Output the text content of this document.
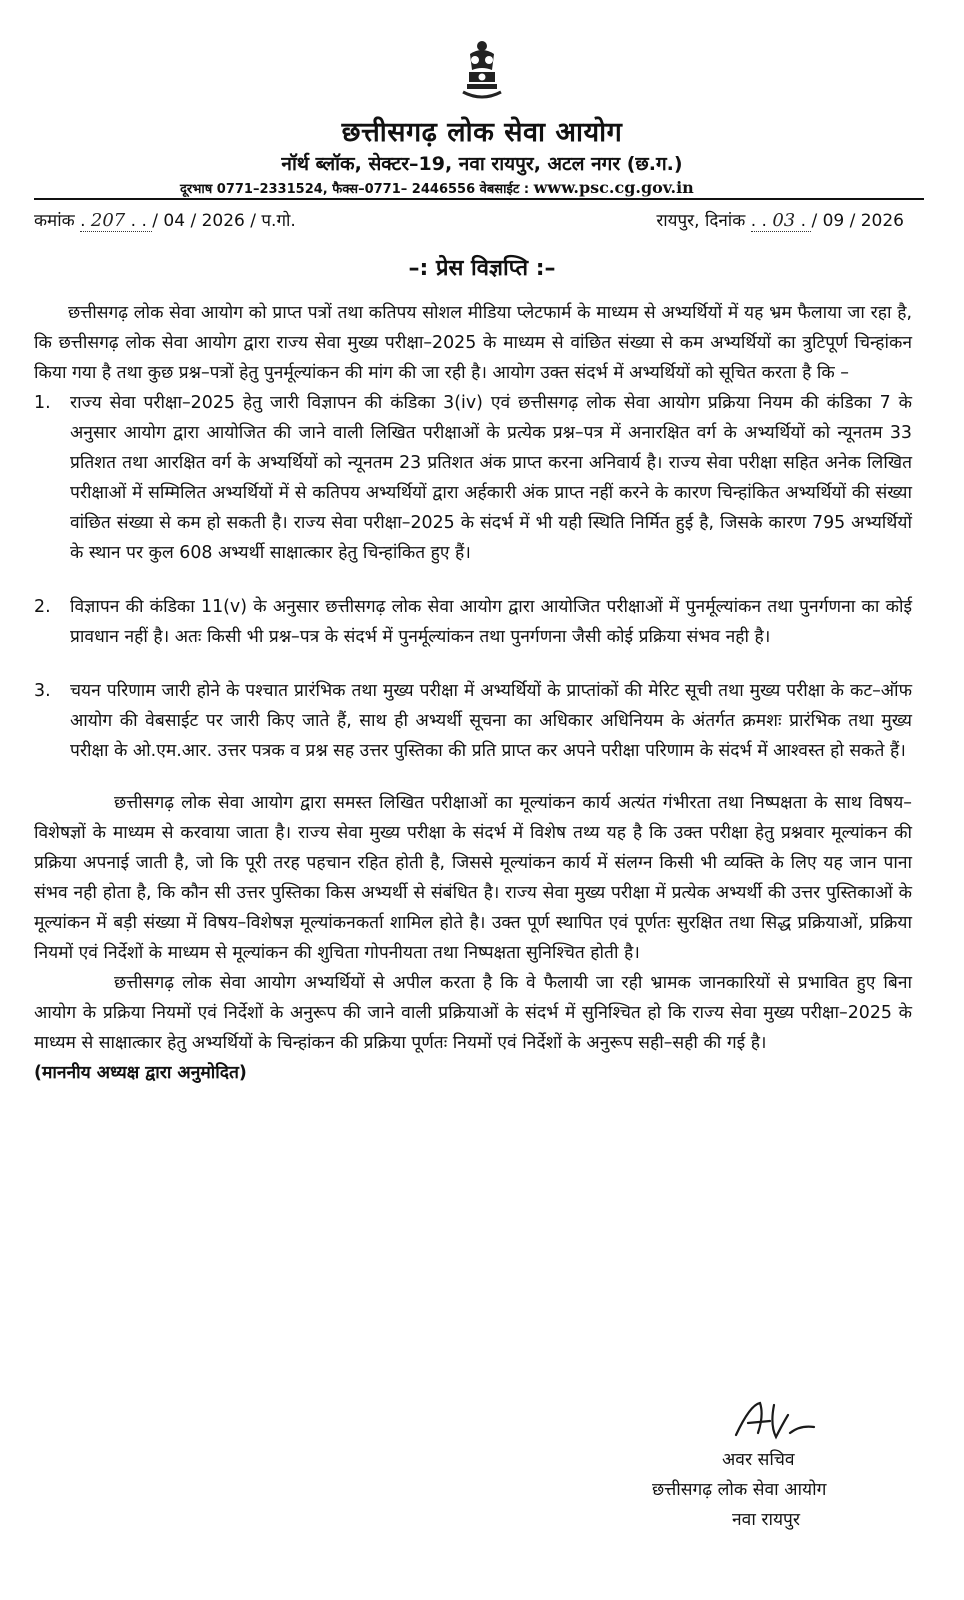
छत्तीसगढ़ लोक सेवा आयोग
नॉर्थ ब्लॉक, सेक्टर–19, नवा रायपुर, अटल नगर (छ.ग.)
दूरभाष 0771–2331524, फैक्स–0771– 2446556 वेबसाईट : www.psc.cg.gov.in
कमांक . 207 . . / 04 / 2026 / प.गो.	रायपुर, दिनांक . . 03 . / 09 / 2026
–: प्रेस विज्ञप्ति :–

छत्तीसगढ़ लोक सेवा आयोग को प्राप्त पत्रों तथा कतिपय सोशल मीडिया प्लेटफार्म के माध्यम से अभ्यर्थियों में यह भ्रम फैलाया जा रहा है, कि छत्तीसगढ़ लोक सेवा आयोग द्वारा राज्य सेवा मुख्य परीक्षा–2025 के माध्यम से वांछित संख्या से कम अभ्यर्थियों का त्रुटिपूर्ण चिन्हांकन किया गया है तथा कुछ प्रश्न–पत्रों हेतु पुनर्मूल्यांकन की मांग की जा रही है। आयोग उक्त संदर्भ में अभ्यर्थियों को सूचित करता है कि –

1. राज्य सेवा परीक्षा–2025 हेतु जारी विज्ञापन की कंडिका 3(iv) एवं छत्तीसगढ़ लोक सेवा आयोग प्रक्रिया नियम की कंडिका 7 के अनुसार आयोग द्वारा आयोजित की जाने वाली लिखित परीक्षाओं के प्रत्येक प्रश्न–पत्र में अनारक्षित वर्ग के अभ्यर्थियों को न्यूनतम 33 प्रतिशत तथा आरक्षित वर्ग के अभ्यर्थियों को न्यूनतम 23 प्रतिशत अंक प्राप्त करना अनिवार्य है। राज्य सेवा परीक्षा सहित अनेक लिखित परीक्षाओं में सम्मिलित अभ्यर्थियों में से कतिपय अभ्यर्थियों द्वारा अर्हकारी अंक प्राप्त नहीं करने के कारण चिन्हांकित अभ्यर्थियों की संख्या वांछित संख्या से कम हो सकती है। राज्य सेवा परीक्षा–2025 के संदर्भ में भी यही स्थिति निर्मित हुई है, जिसके कारण 795 अभ्यर्थियों के स्थान पर कुल 608 अभ्यर्थी साक्षात्कार हेतु चिन्हांकित हुए हैं।
2. विज्ञापन की कंडिका 11(v) के अनुसार छत्तीसगढ़ लोक सेवा आयोग द्वारा आयोजित परीक्षाओं में पुनर्मूल्यांकन तथा पुनर्गणना का कोई प्रावधान नहीं है। अतः किसी भी प्रश्न–पत्र के संदर्भ में पुनर्मूल्यांकन तथा पुनर्गणना जैसी कोई प्रक्रिया संभव नही है।
3. चयन परिणाम जारी होने के पश्चात प्रारंभिक तथा मुख्य परीक्षा में अभ्यर्थियों के प्राप्तांकों की मेरिट सूची तथा मुख्य परीक्षा के कट–ऑफ आयोग की वेबसाईट पर जारी किए जाते हैं, साथ ही अभ्यर्थी सूचना का अधिकार अधिनियम के अंतर्गत क्रमशः प्रारंभिक तथा मुख्य परीक्षा के ओ.एम.आर. उत्तर पत्रक व प्रश्न सह उत्तर पुस्तिका की प्रति प्राप्त कर अपने परीक्षा परिणाम के संदर्भ में आश्वस्त हो सकते हैं।

छत्तीसगढ़ लोक सेवा आयोग द्वारा समस्त लिखित परीक्षाओं का मूल्यांकन कार्य अत्यंत गंभीरता तथा निष्पक्षता के साथ विषय–विशेषज्ञों के माध्यम से करवाया जाता है। राज्य सेवा मुख्य परीक्षा के संदर्भ में विशेष तथ्य यह है कि उक्त परीक्षा हेतु प्रश्नवार मूल्यांकन की प्रक्रिया अपनाई जाती है, जो कि पूरी तरह पहचान रहित होती है, जिससे मूल्यांकन कार्य में संलग्न किसी भी व्यक्ति के लिए यह जान पाना संभव नही होता है, कि कौन सी उत्तर पुस्तिका किस अभ्यर्थी से संबंधित है। राज्य सेवा मुख्य परीक्षा में प्रत्येक अभ्यर्थी की उत्तर पुस्तिकाओं के मूल्यांकन में बड़ी संख्या में विषय–विशेषज्ञ मूल्यांकनकर्ता शामिल होते है। उक्त पूर्ण स्थापित एवं पूर्णतः सुरक्षित तथा सिद्ध प्रक्रियाओं, प्रक्रिया नियमों एवं निर्देशों के माध्यम से मूल्यांकन की शुचिता गोपनीयता तथा निष्पक्षता सुनिश्चित होती है।

छत्तीसगढ़ लोक सेवा आयोग अभ्यर्थियों से अपील करता है कि वे फैलायी जा रही भ्रामक जानकारियों से प्रभावित हुए बिना आयोग के प्रक्रिया नियमों एवं निर्देशों के अनुरूप की जाने वाली प्रक्रियाओं के संदर्भ में सुनिश्चित हो कि राज्य सेवा मुख्य परीक्षा–2025 के माध्यम से साक्षात्कार हेतु अभ्यर्थियों के चिन्हांकन की प्रक्रिया पूर्णतः नियमों एवं निर्देशों के अनुरूप सही–सही की गई है।

(माननीय अध्यक्ष द्वारा अनुमोदित)

अवर सचिव
छत्तीसगढ़ लोक सेवा आयोग
नवा रायपुर
